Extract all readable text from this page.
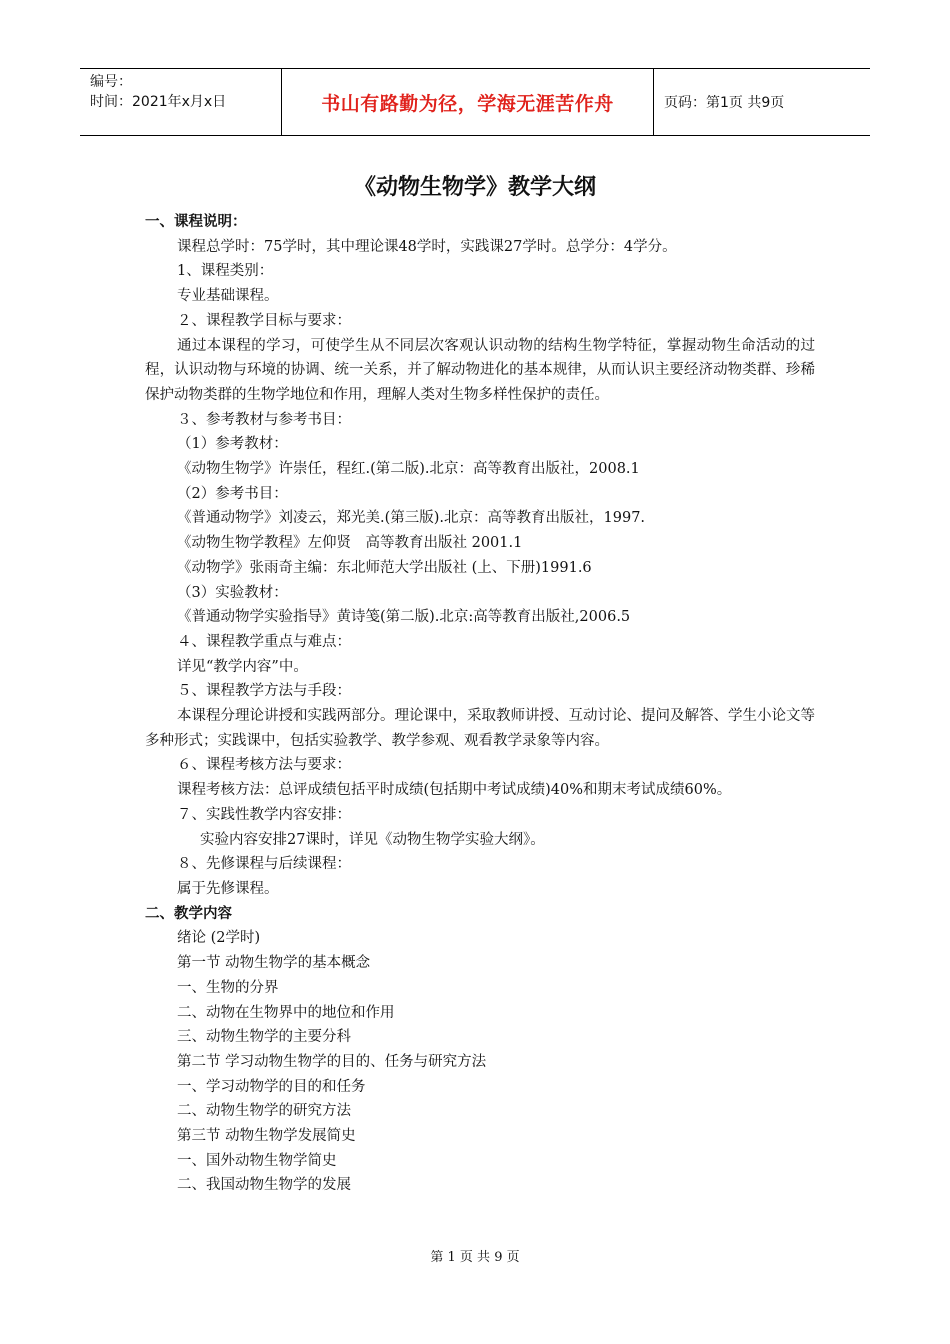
编号：
时间：2021年x月x日	书山有路勤为径，学海无涯苦作舟	页码：第1页 共9页
《动物生物学》教学大纲

一、课程说明：

课程总学时：75学时，其中理论课48学时，实践课27学时。总学分：4学分。

1、课程类别：

专业基础课程。

２、课程教学目标与要求：

通过本课程的学习，可使学生从不同层次客观认识动物的结构生物学特征，掌握动物生命活动的过程，认识动物与环境的协调、统一关系，并了解动物进化的基本规律，从而认识主要经济动物类群、珍稀保护动物类群的生物学地位和作用，理解人类对生物多样性保护的责任。

３、参考教材与参考书目：

（1）参考教材：

《动物生物学》许崇任，程红.(第二版).北京：高等教育出版社，2008.1

（2）参考书目：

《普通动物学》刘凌云，郑光美.(第三版).北京：高等教育出版社，1997.

《动物生物学教程》左仰贤　高等教育出版社 2001.1

《动物学》张雨奇主编：东北师范大学出版社 (上、下册)1991.6

（3）实验教材：

《普通动物学实验指导》黄诗笺(第二版).北京:高等教育出版社,2006.5

４、课程教学重点与难点：

详见“教学内容”中。

５、课程教学方法与手段：

本课程分理论讲授和实践两部分。理论课中，采取教师讲授、互动讨论、提问及解答、学生小论文等多种形式；实践课中，包括实验教学、教学参观、观看教学录象等内容。

６、课程考核方法与要求：

课程考核方法：总评成绩包括平时成绩(包括期中考试成绩)40%和期末考试成绩60%。

７、实践性教学内容安排：

实验内容安排27课时，详见《动物生物学实验大纲》。

８、先修课程与后续课程：

属于先修课程。

二、教学内容

绪论 (2学时)

第一节 动物生物学的基本概念

一、生物的分界

二、动物在生物界中的地位和作用

三、动物生物学的主要分科

第二节 学习动物生物学的目的、任务与研究方法

一、学习动物学的目的和任务

二、动物生物学的研究方法

第三节 动物生物学发展简史

一、国外动物生物学简史

二、我国动物生物学的发展

第 1 页 共 9 页
